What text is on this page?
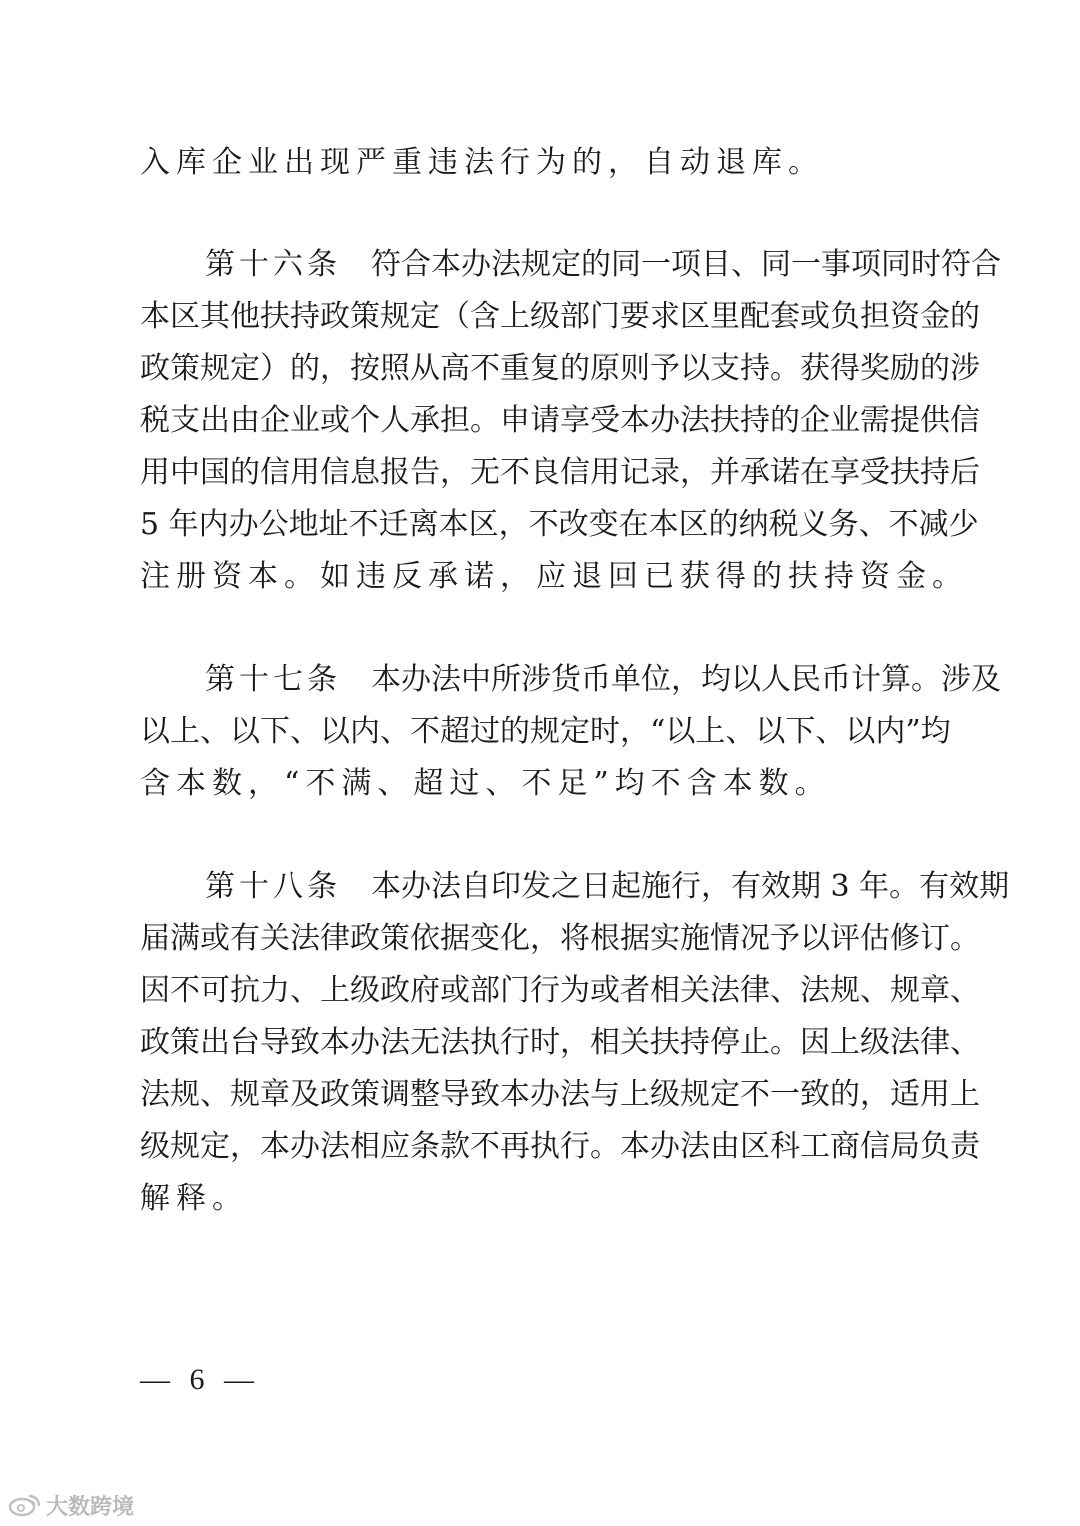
入库企业出现严重违法行为的，自动退库。
第十六条 符合本办法规定的同一项目、同一事项同时符合
本区其他扶持政策规定（含上级部门要求区里配套或负担资金的
政策规定）的，按照从高不重复的原则予以支持。获得奖励的涉
税支出由企业或个人承担。申请享受本办法扶持的企业需提供信
用中国的信用信息报告，无不良信用记录，并承诺在享受扶持后
5 年内办公地址不迁离本区，不改变在本区的纳税义务、不减少
注册资本。如违反承诺，应退回已获得的扶持资金。
第十七条 本办法中所涉货币单位，均以人民币计算。涉及
以上、以下、以内、不超过的规定时，“以上、以下、以内”均
含本数，“不满、超过、不足”均不含本数。
第十八条 本办法自印发之日起施行，有效期 3 年。有效期
届满或有关法律政策依据变化，将根据实施情况予以评估修订。
因不可抗力、上级政府或部门行为或者相关法律、法规、规章、
政策出台导致本办法无法执行时，相关扶持停止。因上级法律、
法规、规章及政策调整导致本办法与上级规定不一致的，适用上
级规定，本办法相应条款不再执行。本办法由区科工商信局负责
解释。
— 6 —
大数跨境
